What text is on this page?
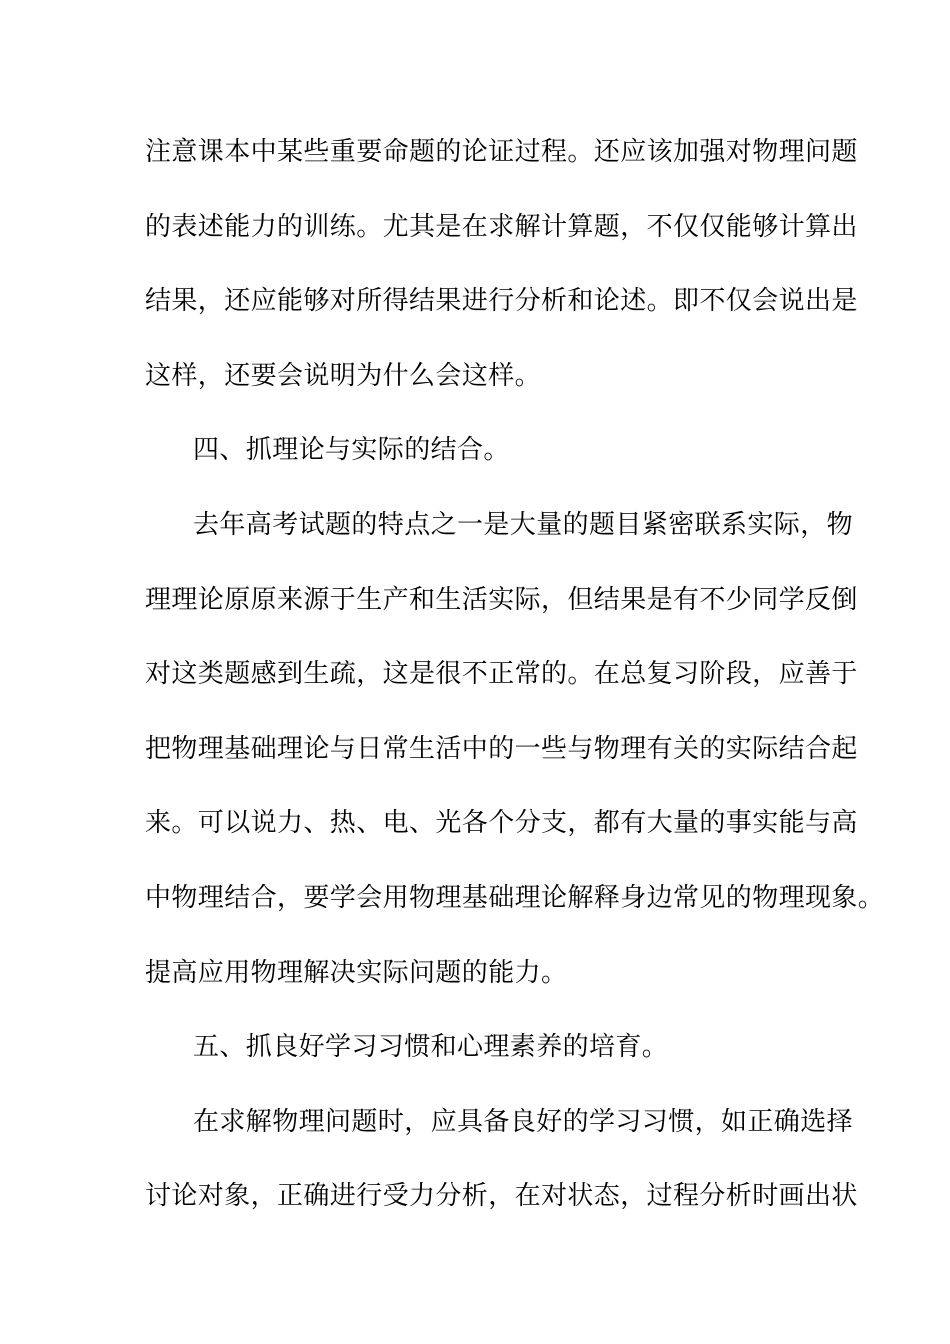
注意课本中某些重要命题的论证过程。还应该加强对物理问题
的表述能力的训练。尤其是在求解计算题，不仅仅能够计算出
结果，还应能够对所得结果进行分析和论述。即不仅会说出是
这样，还要会说明为什么会这样。
四、抓理论与实际的结合。
去年高考试题的特点之一是大量的题目紧密联系实际，物
理理论原原来源于生产和生活实际，但结果是有不少同学反倒
对这类题感到生疏，这是很不正常的。在总复习阶段，应善于
把物理基础理论与日常生活中的一些与物理有关的实际结合起
来。可以说力、热、电、光各个分支，都有大量的事实能与高
中物理结合，要学会用物理基础理论解释身边常见的物理现象。
提高应用物理解决实际问题的能力。
五、抓良好学习习惯和心理素养的培育。
在求解物理问题时，应具备良好的学习习惯，如正确选择
讨论对象，正确进行受力分析，在对状态，过程分析时画出状
